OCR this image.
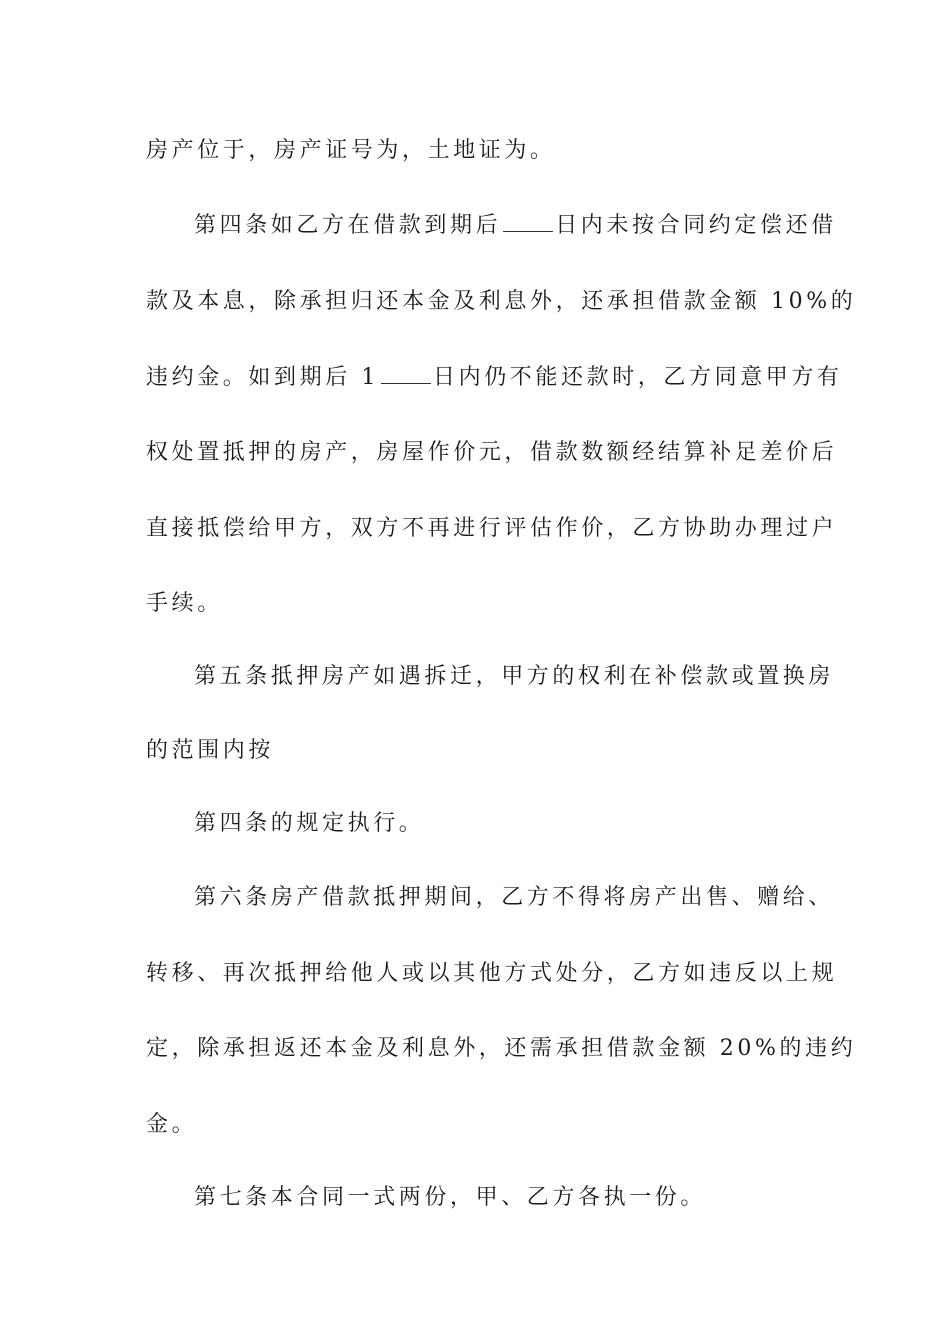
房产位于，房产证号为，土地证为。
第四条如乙方在借款到期后 日内未按合同约定偿还借
款及本息，除承担归还本金及利息外，还承担借款金额 10%的
违约金。如到期后 1 日内仍不能还款时，乙方同意甲方有
权处置抵押的房产，房屋作价元，借款数额经结算补足差价后
直接抵偿给甲方，双方不再进行评估作价，乙方协助办理过户
手续。
第五条抵押房产如遇拆迁，甲方的权利在补偿款或置换房
的范围内按
第四条的规定执行。
第六条房产借款抵押期间，乙方不得将房产出售、赠给、
转移、再次抵押给他人或以其他方式处分，乙方如违反以上规
定，除承担返还本金及利息外，还需承担借款金额 20%的违约
金。
第七条本合同一式两份，甲、乙方各执一份。
